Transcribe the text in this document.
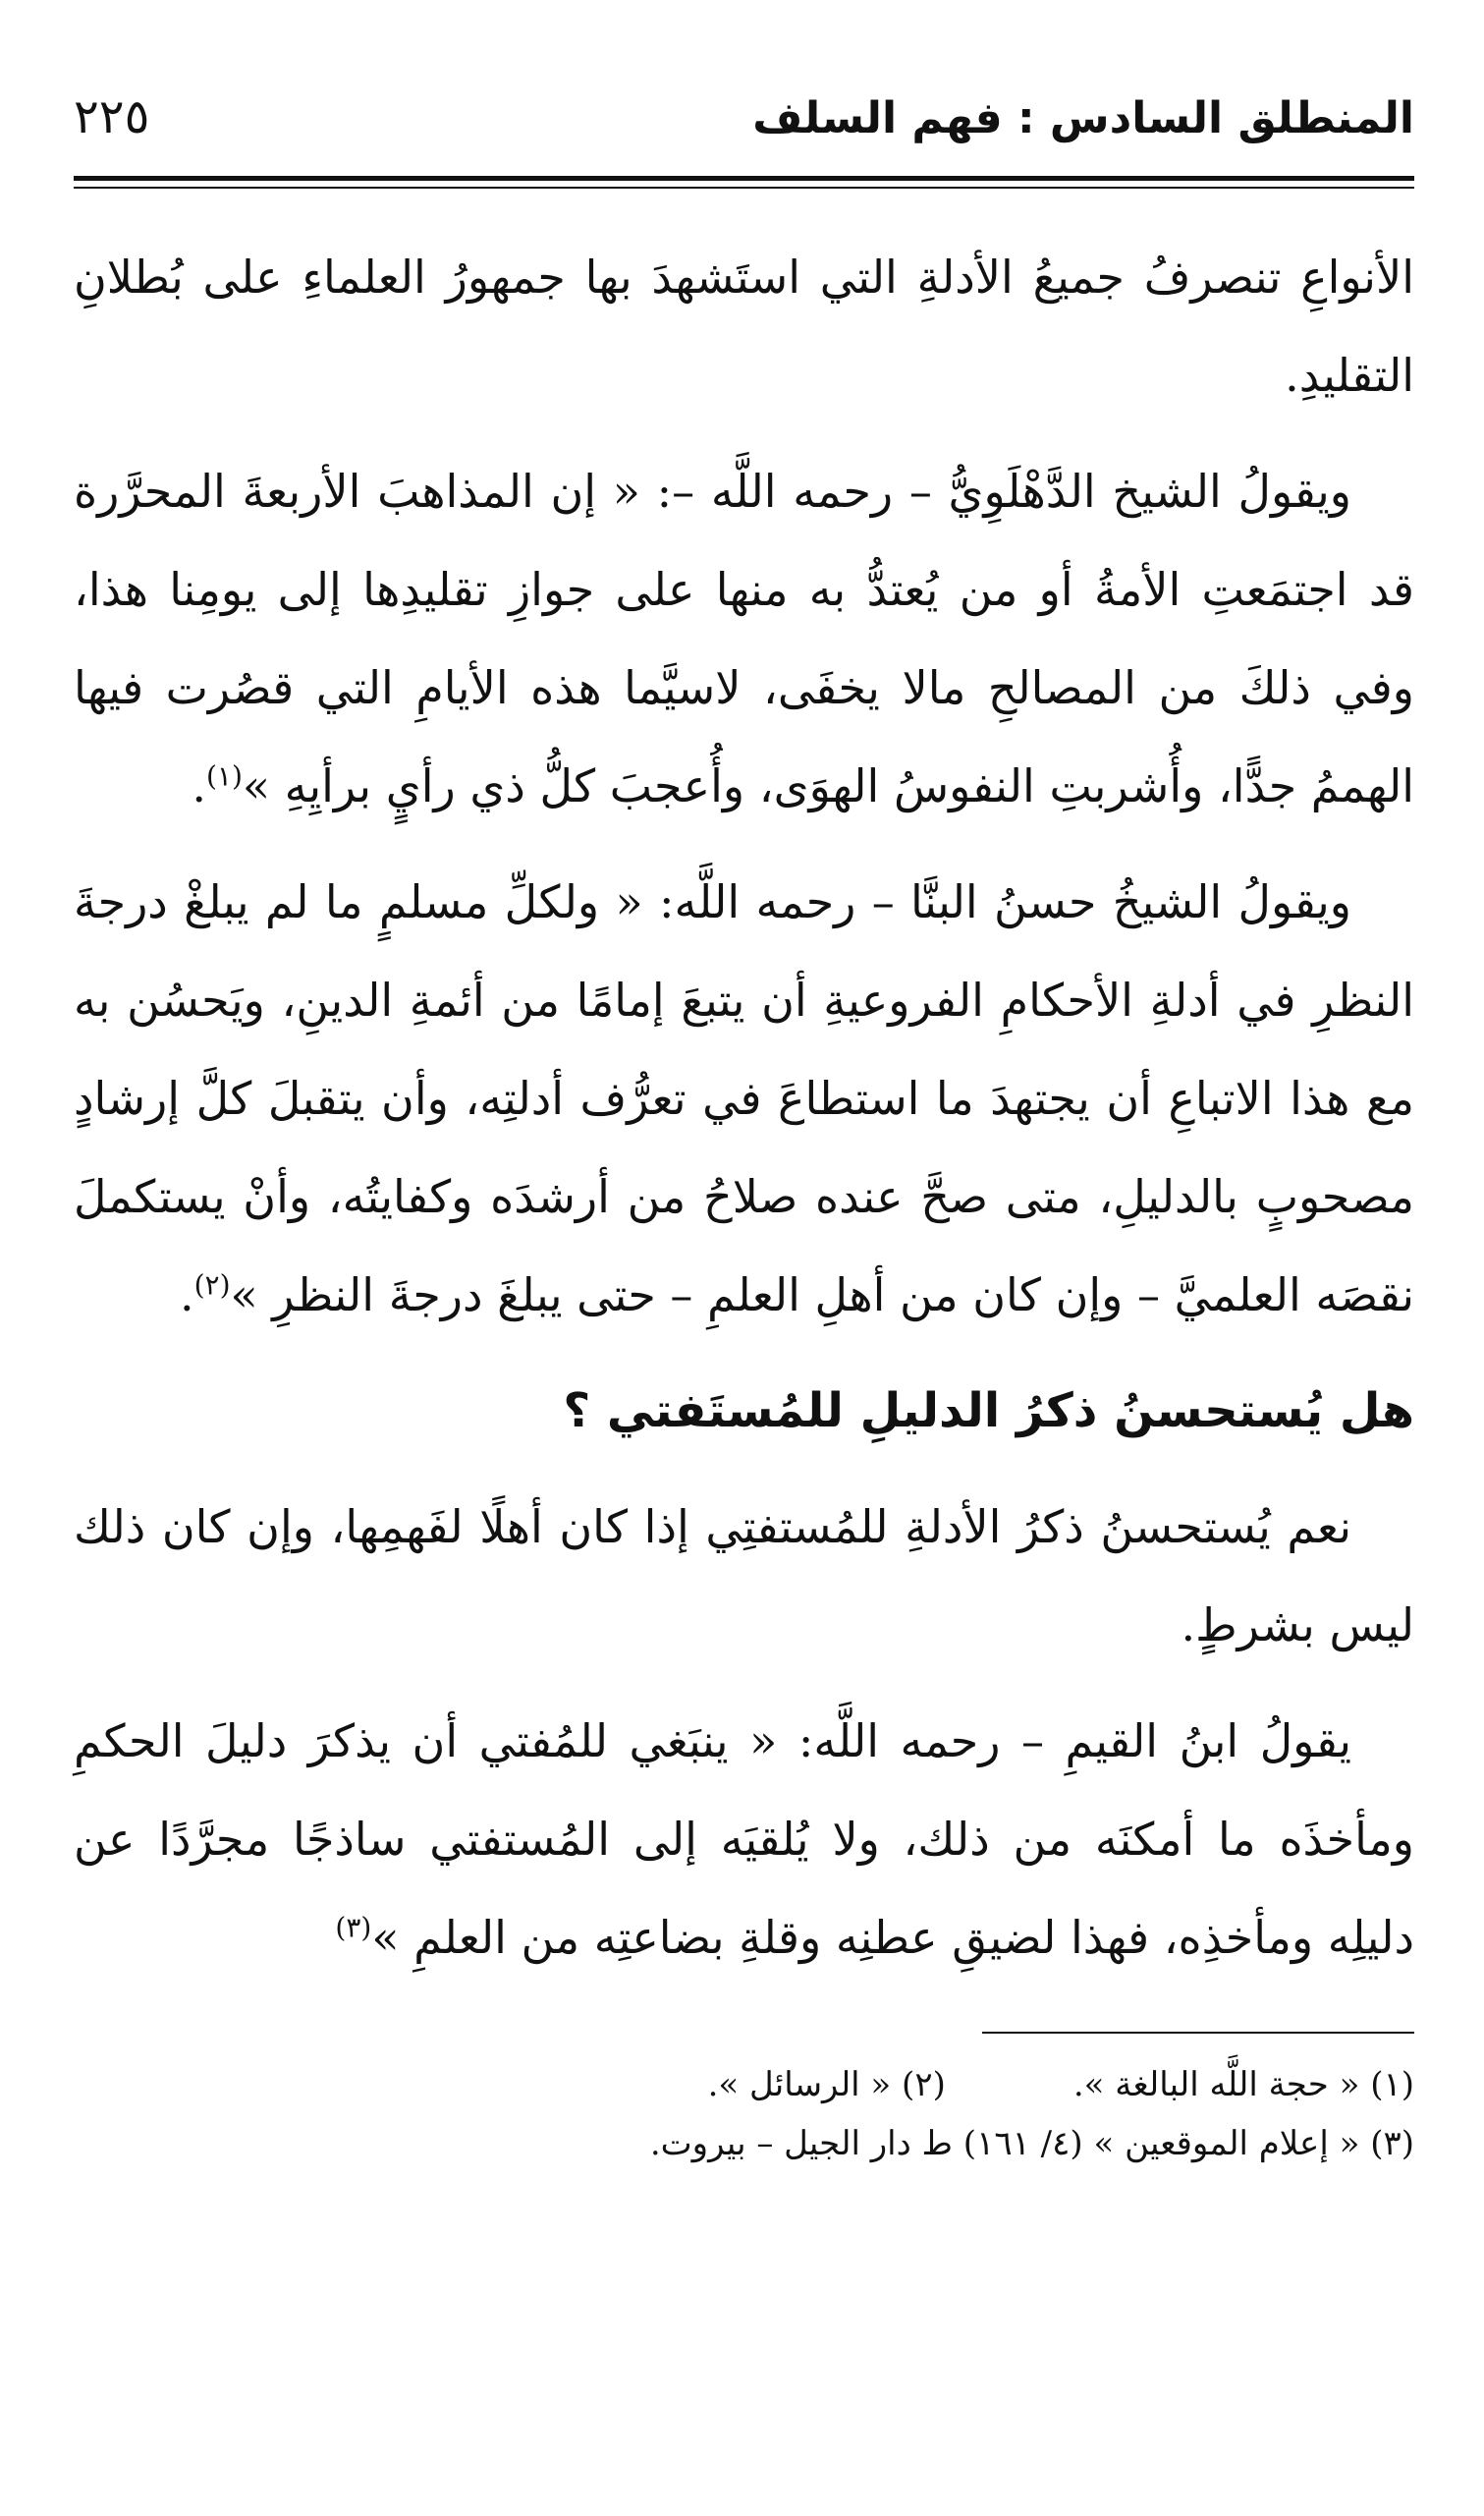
المنطلق السادس : فهم السلف
٢٢٥

الأنواعِ تنصرفُ جميعُ الأدلةِ التي استَشهدَ بها جمهورُ العلماءِ على بُطلانِ التقليدِ.

ويقولُ الشيخ الدَّهْلَوِيُّ – رحمه اللَّه –: « إن المذاهبَ الأربعةَ المحرَّرة قد اجتمَعتِ الأمةُ أو من يُعتدُّ به منها على جوازِ تقليدِها إلى يومِنا هذا، وفي ذلكَ من المصالحِ مالا يخفَى، لاسيَّما هذه الأيامِ التي قصُرت فيها الهممُ جدًّا، وأُشربتِ النفوسُ الهوَى، وأُعجبَ كلُّ ذي رأيٍ برأيِهِ »$^{(١)}$.

ويقولُ الشيخُ حسنُ البنَّا – رحمه اللَّه: « ولكلِّ مسلمٍ ما لم يبلغْ درجةَ النظرِ في أدلةِ الأحكامِ الفروعيةِ أن يتبعَ إمامًا من أئمةِ الدينِ، ويَحسُن به مع هذا الاتباعِ أن يجتهدَ ما استطاعَ في تعرُّف أدلتِه، وأن يتقبلَ كلَّ إرشادٍ مصحوبٍ بالدليلِ، متى صحَّ عنده صلاحُ من أرشدَه وكفايتُه، وأنْ يستكملَ نقصَه العلميَّ – وإن كان من أهلِ العلمِ – حتى يبلغَ درجةَ النظرِ »$^{(٢)}$.

هل يُستحسنُ ذكرُ الدليلِ للمُستَفتي ؟

نعم يُستحسنُ ذكرُ الأدلةِ للمُستفتِي إذا كان أهلًا لفَهمِها، وإن كان ذلك ليس بشرطٍ.

يقولُ ابنُ القيمِ – رحمه اللَّه: « ينبَغي للمُفتي أن يذكرَ دليلَ الحكمِ ومأخذَه ما أمكنَه من ذلك، ولا يُلقيَه إلى المُستفتي ساذجًا مجرَّدًا عن دليلِه ومأخذِه، فهذا لضيقِ عطنِه وقلةِ بضاعتِه من العلمِ »$^{(٣)}$

(١) « حجة اللَّه البالغة ».
(٢) « الرسائل ».
(٣) « إعلام الموقعين » (٤/ ١٦١) ط دار الجيل – بيروت.
